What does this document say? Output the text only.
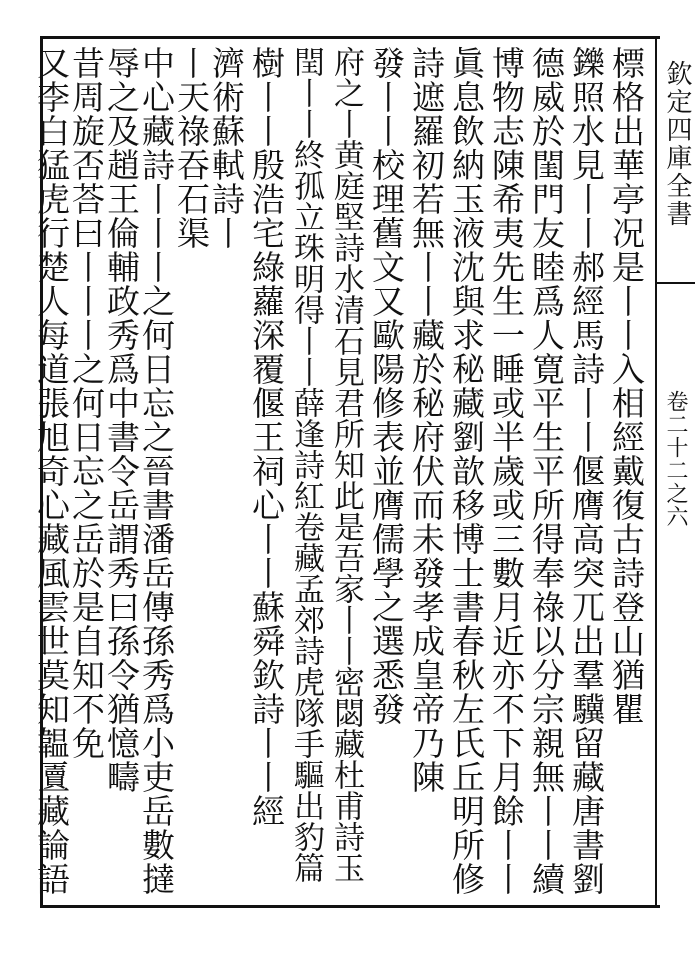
欽定四庫全書
卷二十二之六
標格出華亭况是丨丨入相經戴復古詩登山猶瞿
鑠照水見丨丨郝經馬詩丨丨偃膺高突兀出羣驥留藏唐書劉
德威於閨門友睦爲人寛平生平所得奉祿以分宗親無丨丨續
博物志陳希夷先生一睡或半歲或三數月近亦不下月餘丨丨
眞息飲納玉液沈與求秘藏劉歆移博士書春秋左氏丘明所修
詩遮羅初若無丨丨藏於秘府伏而未發孝成皇帝乃陳
發丨丨校理舊文又歐陽修表並膺儒學之選悉發
府之丨黄庭堅詩水清石見君所知此是吾家丨丨密閟藏杜甫詩玉
閏丨丨終孤立珠明得丨丨薛逢詩紅卷藏孟郊詩虎隊手驅出豹篇
樹丨丨殷浩宅綠蘿深覆偃王祠心丨丨蘇舜欽詩丨丨經
濟術蘇軾詩丨
丨天祿吞石渠
中心藏詩丨丨丨之何日忘之晉書潘岳傳孫秀爲小吏岳數撻
辱之及趙王倫輔政秀爲中書令岳謂秀曰孫令猶憶疇
昔周旋否荅曰丨丨丨之何日忘之岳於是自知不免
又李白猛虎行楚人每道張旭奇心藏風雲世莫知韞匵藏論語
